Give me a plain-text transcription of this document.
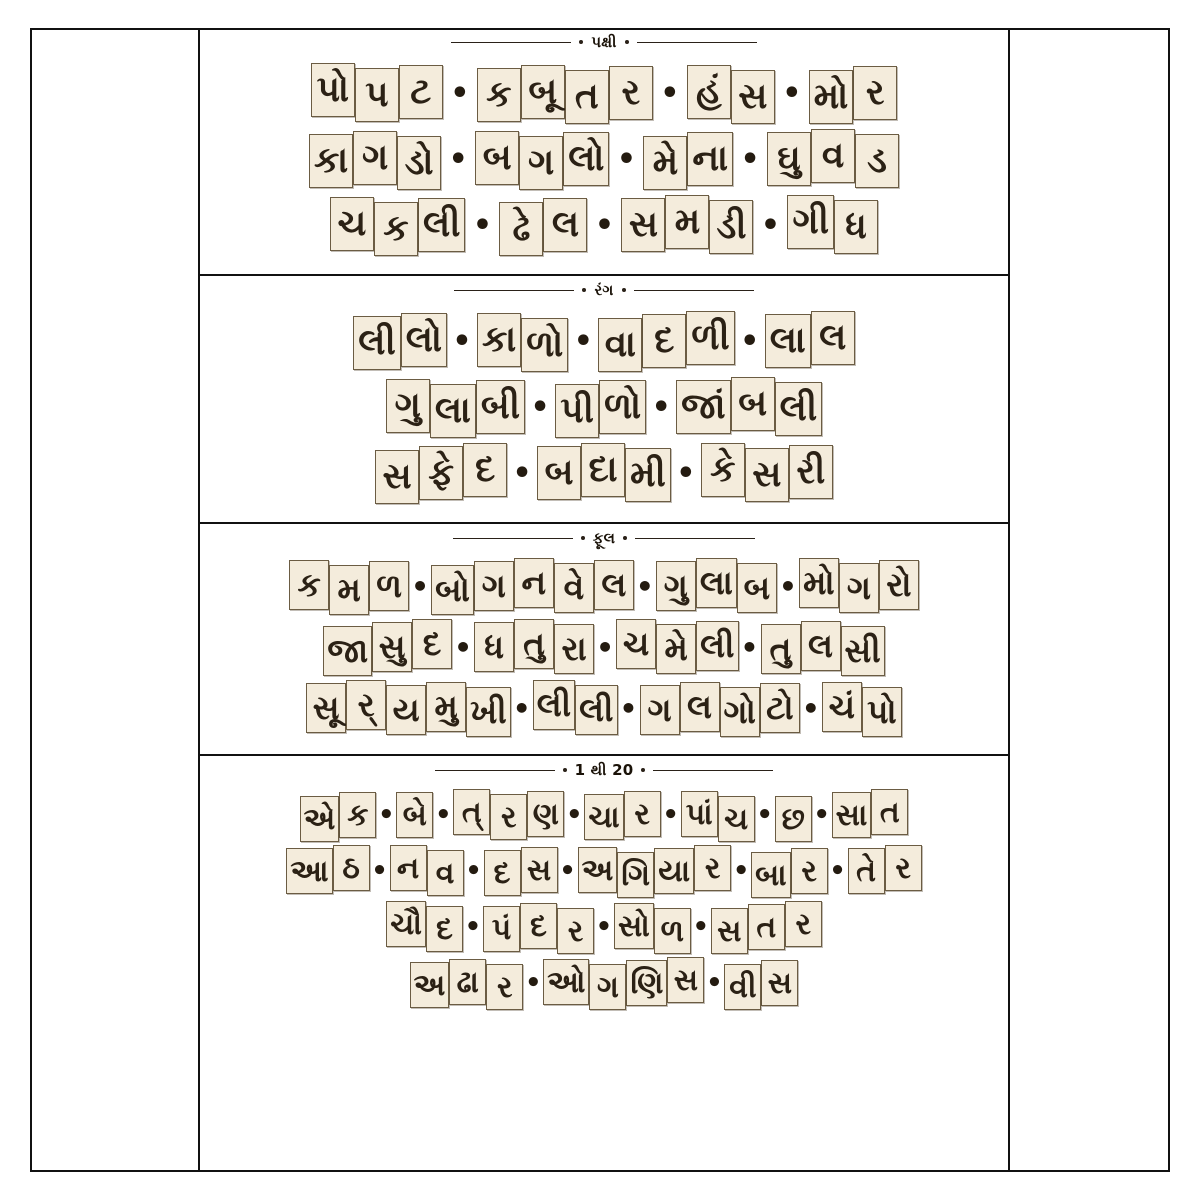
પક્ષી
પો પ ટ • ક બૂ ત ર • હં સ • મો ર
કા ગ ડો • બ ગ લો • મે ના • ઘુ વ ડ
ચ ક લી • ઢે લ • સ મ ડી • ગી ધ
રંગ
લી લો • કા ળો • વા દ ળી • લા લ
ગુ લા બી • પી ળો • જાં બ લી
સ ફે દ • બ દા મી • કે સ રી
ફૂલ
ક મ ળ • બો ગ ન વે લ • ગુ લા બ • મો ગ રો
જા સુ દ • ધ તુ રા • ચ મે લી • તુ લ સી
સૂ ર્ ય મુ ખી • લી લી • ગ લ ગો ટો • ચં પો
1 થી 20
એ ક • બે • ત્ ર ણ • ચા ર • પાં ચ • છ • સા ત
આ ઠ • ન વ • દ સ • અ ગિ યા ર • બા ર • તે ર
ચૌ દ • પં દ ર • સો ળ • સ ત ર
અ ઢા ર • ઓ ગ ણિ સ • વી સ
